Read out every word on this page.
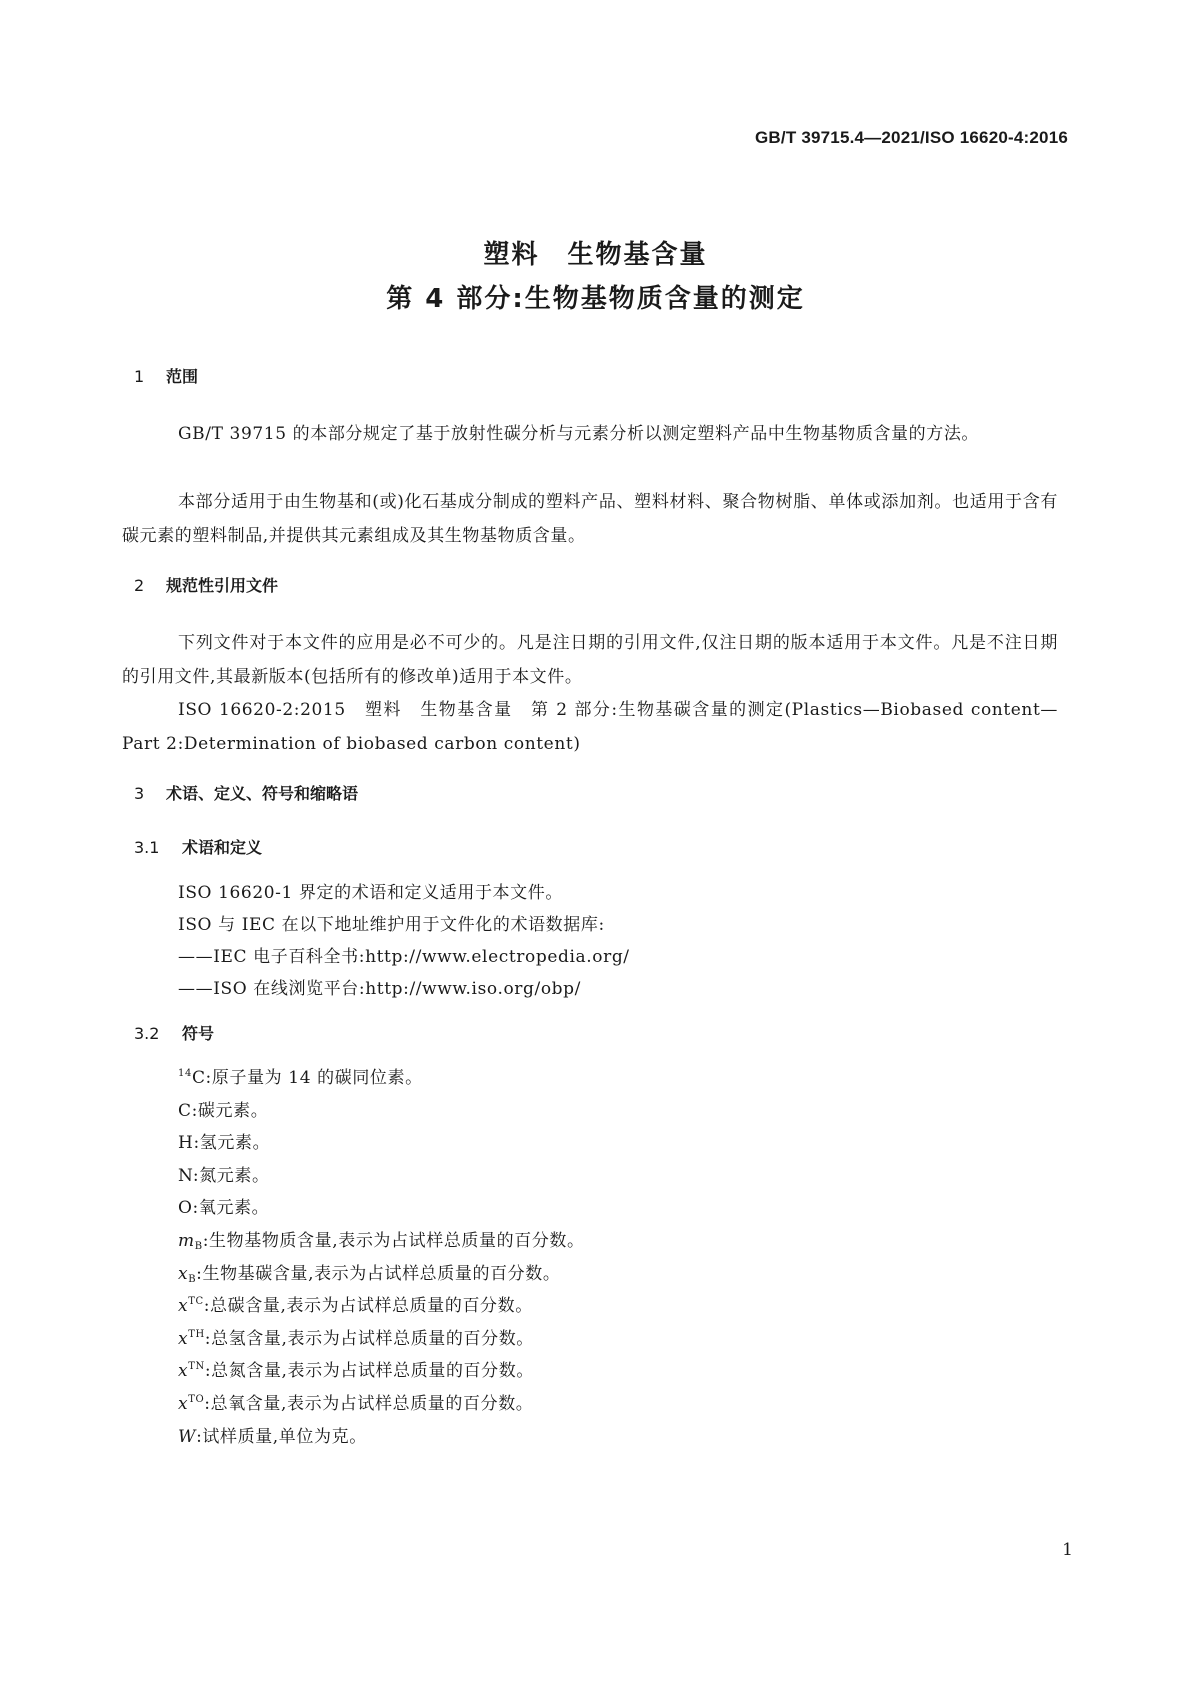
GB/T 39715.4—2021/ISO 16620-4:2016
塑料　生物基含量
第 4 部分:生物基物质含量的测定
1 范围
GB/T 39715 的本部分规定了基于放射性碳分析与元素分析以测定塑料产品中生物基物质含量的方法。
本部分适用于由生物基和(或)化石基成分制成的塑料产品、塑料材料、聚合物树脂、单体或添加剂。也适用于含有碳元素的塑料制品,并提供其元素组成及其生物基物质含量。
2 规范性引用文件
下列文件对于本文件的应用是必不可少的。凡是注日期的引用文件,仅注日期的版本适用于本文件。凡是不注日期的引用文件,其最新版本(包括所有的修改单)适用于本文件。
ISO 16620-2:2015　塑料　生物基含量　第 2 部分:生物基碳含量的测定(Plastics—Biobased content—Part 2:Determination of biobased carbon content)
3 术语、定义、符号和缩略语
3.1 术语和定义
ISO 16620-1 界定的术语和定义适用于本文件。
ISO 与 IEC 在以下地址维护用于文件化的术语数据库:
——IEC 电子百科全书:http://www.electropedia.org/
——ISO 在线浏览平台:http://www.iso.org/obp/
3.2 符号
$^{14}$C:原子量为 14 的碳同位素。
C:碳元素。
H:氢元素。
N:氮元素。
O:氧元素。
$m_B$:生物基物质含量,表示为占试样总质量的百分数。
$x_B$:生物基碳含量,表示为占试样总质量的百分数。
$x^{TC}$:总碳含量,表示为占试样总质量的百分数。
$x^{TH}$:总氢含量,表示为占试样总质量的百分数。
$x^{TN}$:总氮含量,表示为占试样总质量的百分数。
$x^{TO}$:总氧含量,表示为占试样总质量的百分数。
W:试样质量,单位为克。
1
